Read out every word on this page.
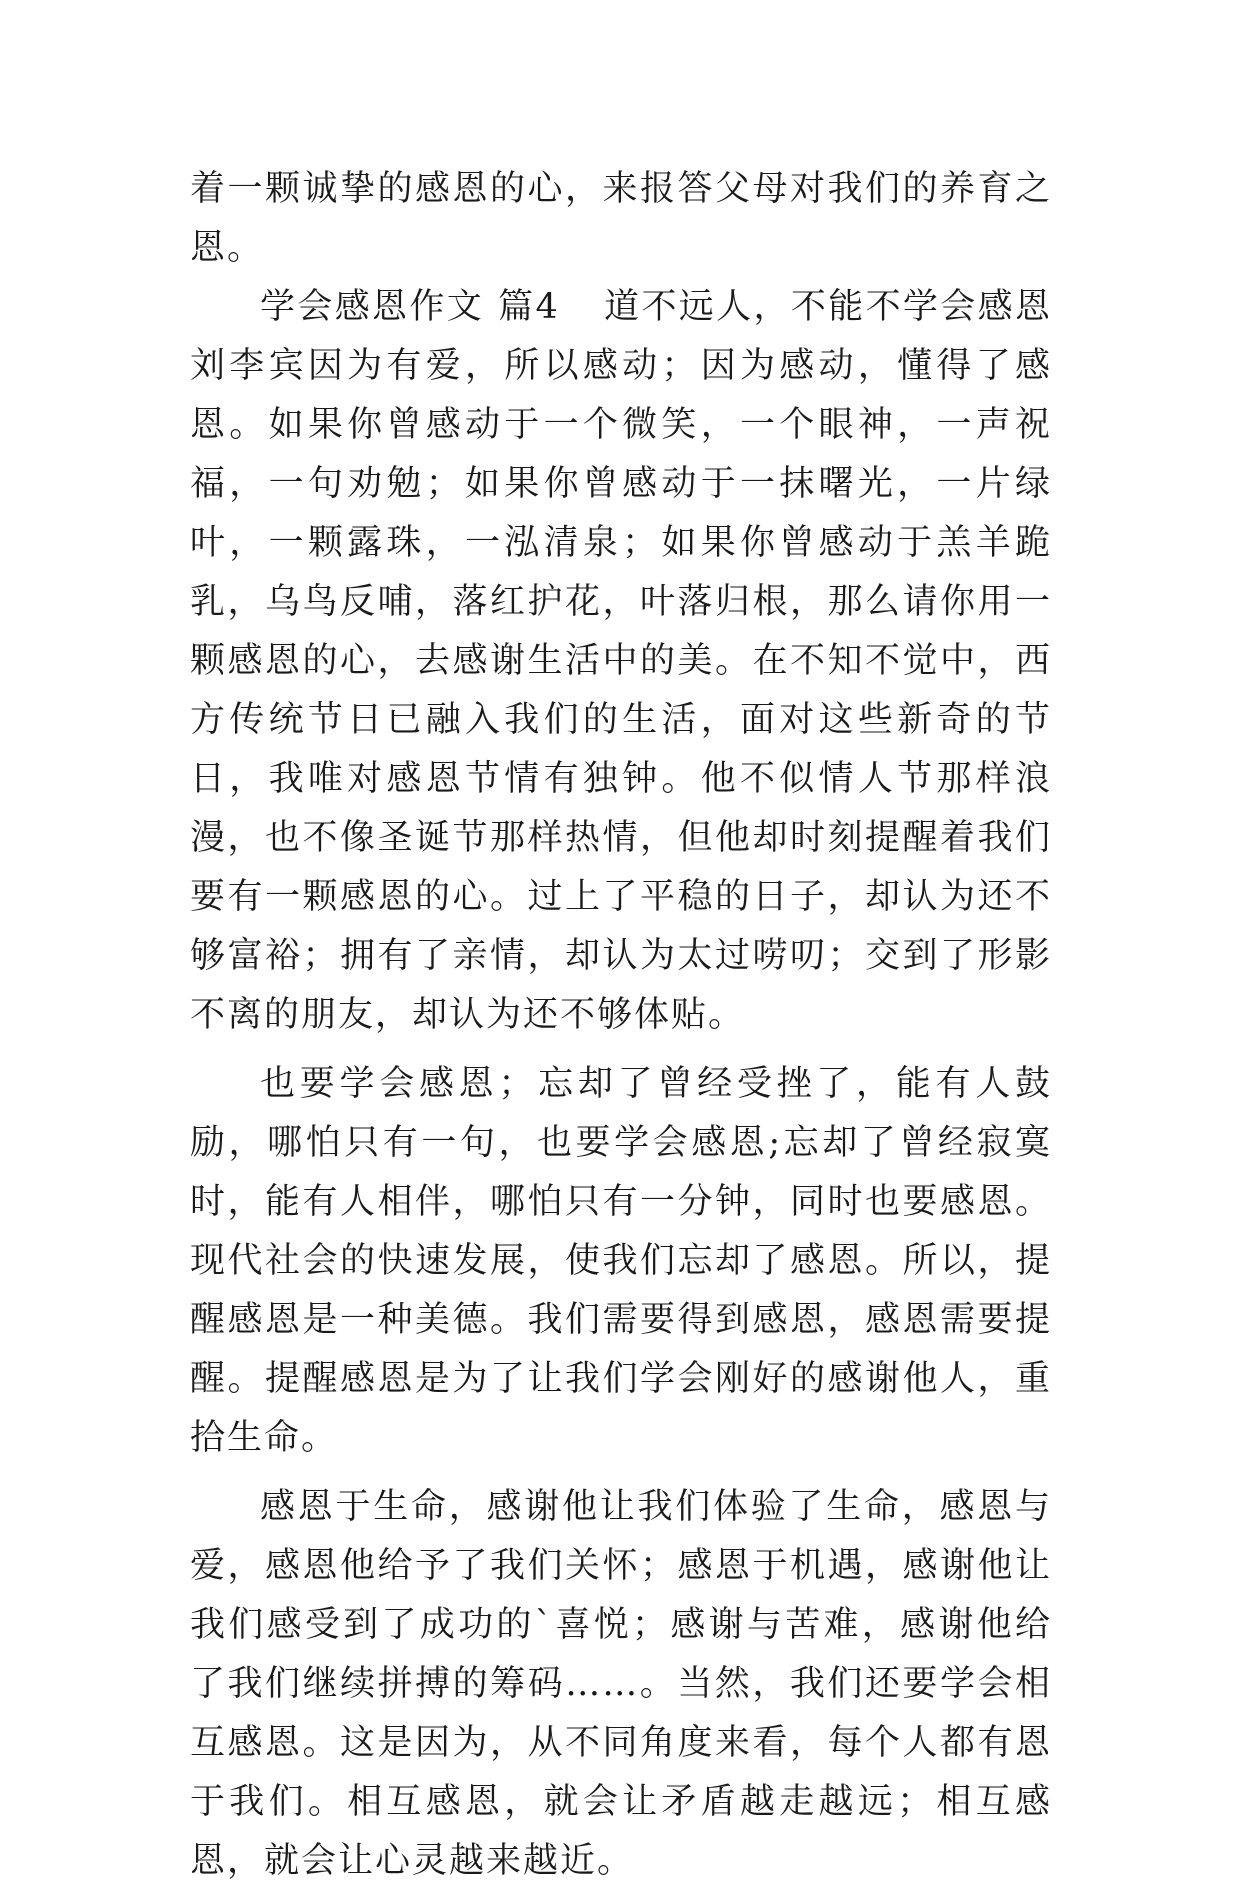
着一颗诚挚的感恩的心，来报答父母对我们的养育之恩。

学会感恩作文 篇4 道不远人，不能不学会感恩刘李宾因为有爱，所以感动；因为感动，懂得了感恩。如果你曾感动于一个微笑，一个眼神，一声祝福，一句劝勉；如果你曾感动于一抹曙光，一片绿叶，一颗露珠，一泓清泉；如果你曾感动于羔羊跪乳，乌鸟反哺，落红护花，叶落归根，那么请你用一颗感恩的心，去感谢生活中的美。在不知不觉中，西方传统节日已融入我们的生活，面对这些新奇的节日，我唯对感恩节情有独钟。他不似情人节那样浪漫，也不像圣诞节那样热情，但他却时刻提醒着我们要有一颗感恩的心。过上了平稳的日子，却认为还不够富裕；拥有了亲情，却认为太过唠叨；交到了形影不离的朋友，却认为还不够体贴。

也要学会感恩；忘却了曾经受挫了，能有人鼓励，哪怕只有一句，也要学会感恩;忘却了曾经寂寞时，能有人相伴，哪怕只有一分钟，同时也要感恩。现代社会的快速发展，使我们忘却了感恩。所以，提醒感恩是一种美德。我们需要得到感恩，感恩需要提醒。提醒感恩是为了让我们学会刚好的感谢他人，重拾生命。

感恩于生命，感谢他让我们体验了生命，感恩与爱，感恩他给予了我们关怀；感恩于机遇，感谢他让我们感受到了成功的`喜悦；感谢与苦难，感谢他给了我们继续拼搏的筹码……。当然，我们还要学会相互感恩。这是因为，从不同角度来看，每个人都有恩于我们。相互感恩，就会让矛盾越走越远；相互感恩，就会让心灵越来越近。
